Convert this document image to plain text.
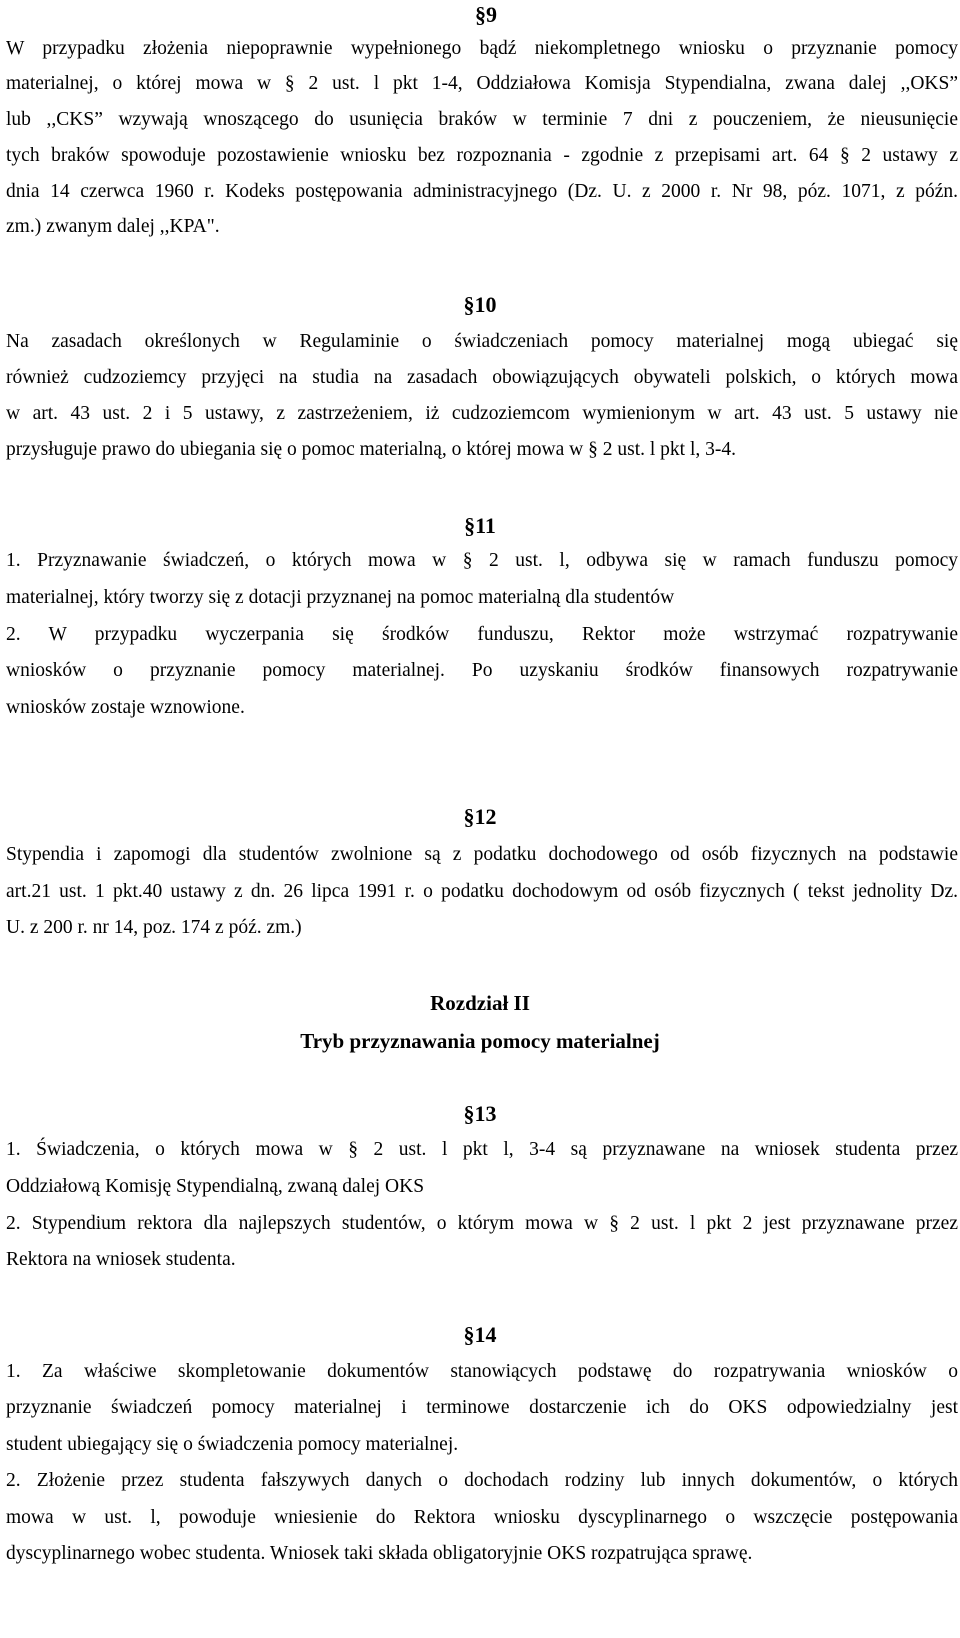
§9
W przypadku złożenia niepoprawnie wypełnionego bądź niekompletnego wniosku o przyznanie pomocy
materialnej, o której mowa w § 2 ust. l pkt 1-4, Oddziałowa Komisja Stypendialna, zwana dalej ,,OKS”
lub ,,CKS” wzywają wnoszącego do usunięcia braków w terminie 7 dni z pouczeniem, że nieusunięcie
tych braków spowoduje pozostawienie wniosku bez rozpoznania - zgodnie z przepisami art. 64 § 2 ustawy z
dnia 14 czerwca 1960 r. Kodeks postępowania administracyjnego (Dz. U. z 2000 r. Nr 98, póz. 1071, z późn.
zm.) zwanym dalej ,,KPA".
§10
Na zasadach określonych w Regulaminie o świadczeniach pomocy materialnej mogą ubiegać się
również cudzoziemcy przyjęci na studia na zasadach obowiązujących obywateli polskich, o których mowa
w art. 43 ust. 2 i 5 ustawy, z zastrzeżeniem, iż cudzoziemcom wymienionym w art. 43 ust. 5 ustawy nie
przysługuje prawo do ubiegania się o pomoc materialną, o której mowa w § 2 ust. l pkt l, 3-4.
§11
1. Przyznawanie świadczeń, o których mowa w § 2 ust. l, odbywa się w ramach funduszu pomocy
materialnej, który tworzy się z dotacji przyznanej na pomoc materialną dla studentów
2. W przypadku wyczerpania się środków funduszu, Rektor może wstrzymać rozpatrywanie
wniosków o przyznanie pomocy materialnej. Po uzyskaniu środków finansowych rozpatrywanie
wniosków zostaje wznowione.
§12
Stypendia i zapomogi dla studentów zwolnione są z podatku dochodowego od osób fizycznych na podstawie
art.21 ust. 1 pkt.40 ustawy z dn. 26 lipca 1991 r. o podatku dochodowym od osób fizycznych ( tekst jednolity Dz.
U. z 200 r. nr 14, poz. 174 z póź. zm.)
Rozdział II
Tryb przyznawania pomocy materialnej
§13
1. Świadczenia, o których mowa w § 2 ust. l pkt l, 3-4 są przyznawane na wniosek studenta przez
Oddziałową Komisję Stypendialną, zwaną dalej OKS
2. Stypendium rektora dla najlepszych studentów, o którym mowa w § 2 ust. l pkt 2 jest przyznawane przez
Rektora na wniosek studenta.
§14
1. Za właściwe skompletowanie dokumentów stanowiących podstawę do rozpatrywania wniosków o
przyznanie świadczeń pomocy materialnej i terminowe dostarczenie ich do OKS odpowiedzialny jest
student ubiegający się o świadczenia pomocy materialnej.
2. Złożenie przez studenta fałszywych danych o dochodach rodziny lub innych dokumentów, o których
mowa w ust. l, powoduje wniesienie do Rektora wniosku dyscyplinarnego o wszczęcie postępowania
dyscyplinarnego wobec studenta. Wniosek taki składa obligatoryjnie OKS rozpatrująca sprawę.
